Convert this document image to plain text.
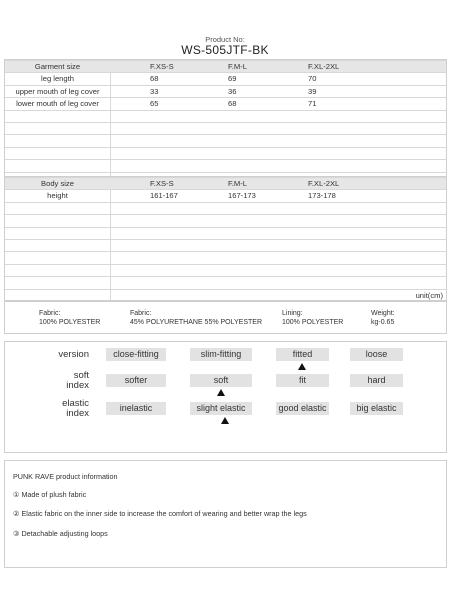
Product No:
WS-505JTF-BK
Garment size	F.XS-S	F.M-L	F.XL-2XL
leg length	68	69	70
upper mouth of leg cover	33	36	39
lower mouth of leg cover	65	68	71
Body size	F.XS-S	F.M-L	F.XL-2XL
height	161-167	167-173	173-178
unit(cm)
Fabric:
100% POLYESTER
Fabric:
45% POLYURETHANE 55% POLYESTER
Lining:
100% POLYESTER
Weight:
kg-0.65
version	close-fitting	slim-fitting	fitted	loose
soft
index	softer	soft	fit	hard
elastic
index	inelastic	slight elastic	good elastic	big elastic
PUNK RAVE product information
① Made of plush fabric
② Elastic fabric on the inner side to increase the comfort of wearing and better wrap the legs
③ Detachable adjusting loops
